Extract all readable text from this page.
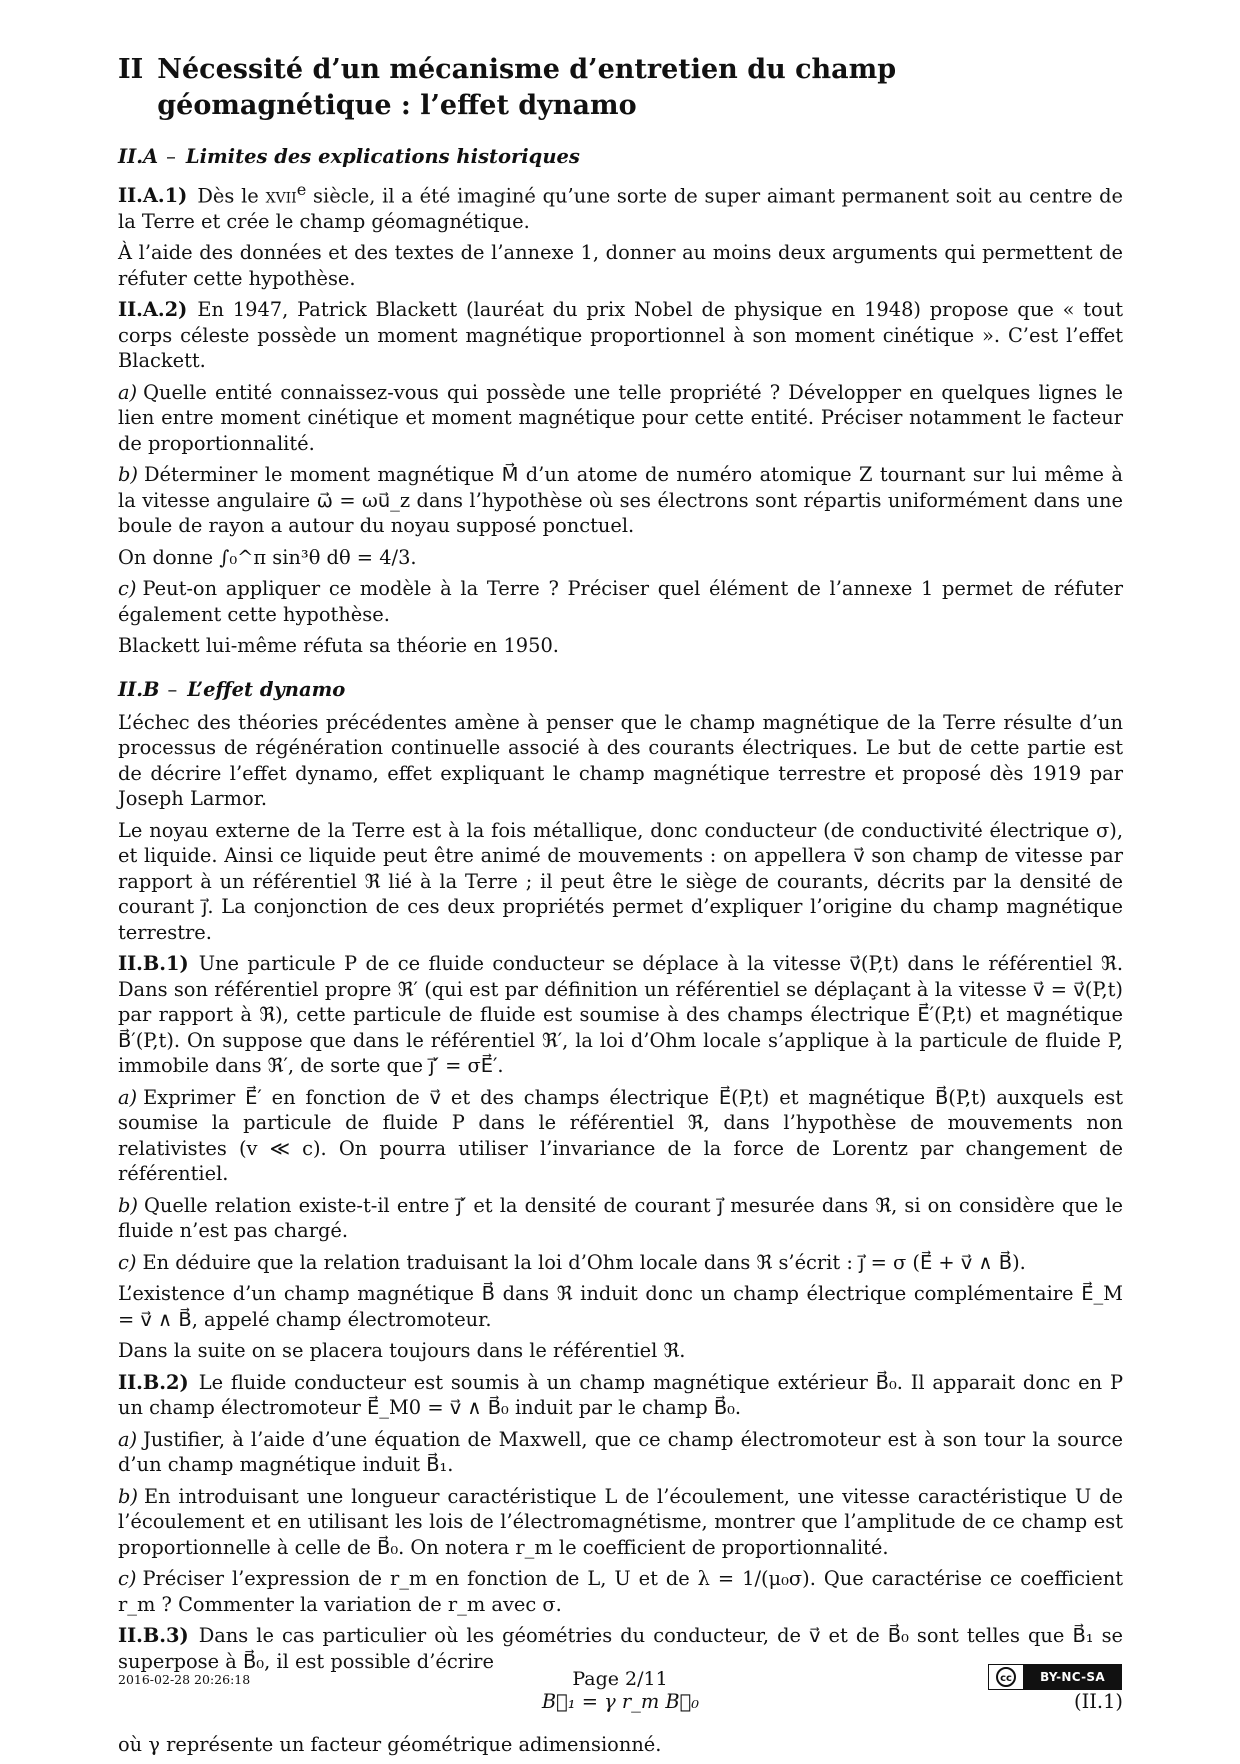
II Nécessité d’un mécanisme d’entretien du champ géomagnétique : l’effet dynamo
II.A – Limites des explications historiques

II.A.1) Dès le xvii$^e$ siècle, il a été imaginé qu’une sorte de super aimant permanent soit au centre de la Terre et crée le champ géomagnétique.

À l’aide des données et des textes de l’annexe 1, donner au moins deux arguments qui permettent de réfuter cette hypothèse.

II.A.2) En 1947, Patrick Blackett (lauréat du prix Nobel de physique en 1948) propose que « tout corps céleste possède un moment magnétique proportionnel à son moment cinétique ». C’est l’effet Blackett.

a) Quelle entité connaissez-vous qui possède une telle propriété ? Développer en quelques lignes le lien entre moment cinétique et moment magnétique pour cette entité. Préciser notamment le facteur de proportionnalité.

b) Déterminer le moment magnétique M⃗ d’un atome de numéro atomique Z tournant sur lui même à la vitesse angulaire ω⃗ = ωu⃗_z dans l’hypothèse où ses électrons sont répartis uniformément dans une boule de rayon a autour du noyau supposé ponctuel.

On donne ∫₀^π sin³θ dθ = 4/3.

c) Peut-on appliquer ce modèle à la Terre ? Préciser quel élément de l’annexe 1 permet de réfuter également cette hypothèse.

Blackett lui-même réfuta sa théorie en 1950.

II.B – L’effet dynamo

L’échec des théories précédentes amène à penser que le champ magnétique de la Terre résulte d’un processus de régénération continuelle associé à des courants électriques. Le but de cette partie est de décrire l’effet dynamo, effet expliquant le champ magnétique terrestre et proposé dès 1919 par Joseph Larmor.

Le noyau externe de la Terre est à la fois métallique, donc conducteur (de conductivité électrique σ), et liquide. Ainsi ce liquide peut être animé de mouvements : on appellera v⃗ son champ de vitesse par rapport à un référentiel ℜ lié à la Terre ; il peut être le siège de courants, décrits par la densité de courant j⃗. La conjonction de ces deux propriétés permet d’expliquer l’origine du champ magnétique terrestre.

II.B.1) Une particule P de ce fluide conducteur se déplace à la vitesse v⃗(P,t) dans le référentiel ℜ. Dans son référentiel propre ℜ′ (qui est par définition un référentiel se déplaçant à la vitesse v⃗ = v⃗(P,t) par rapport à ℜ), cette particule de fluide est soumise à des champs électrique E⃗′(P,t) et magnétique B⃗′(P,t). On suppose que dans le référentiel ℜ′, la loi d’Ohm locale s’applique à la particule de fluide P, immobile dans ℜ′, de sorte que j⃗′ = σE⃗′.

a) Exprimer E⃗′ en fonction de v⃗ et des champs électrique E⃗(P,t) et magnétique B⃗(P,t) auxquels est soumise la particule de fluide P dans le référentiel ℜ, dans l’hypothèse de mouvements non relativistes (v ≪ c). On pourra utiliser l’invariance de la force de Lorentz par changement de référentiel.

b) Quelle relation existe-t-il entre j⃗′ et la densité de courant j⃗ mesurée dans ℜ, si on considère que le fluide n’est pas chargé.

c) En déduire que la relation traduisant la loi d’Ohm locale dans ℜ s’écrit : j⃗ = σ (E⃗ + v⃗ ∧ B⃗).

L’existence d’un champ magnétique B⃗ dans ℜ induit donc un champ électrique complémentaire E⃗_M = v⃗ ∧ B⃗, appelé champ électromoteur.

Dans la suite on se placera toujours dans le référentiel ℜ.

II.B.2) Le fluide conducteur est soumis à un champ magnétique extérieur B⃗₀. Il apparait donc en P un champ électromoteur E⃗_M0 = v⃗ ∧ B⃗₀ induit par le champ B⃗₀.

a) Justifier, à l’aide d’une équation de Maxwell, que ce champ électromoteur est à son tour la source d’un champ magnétique induit B⃗₁.

b) En introduisant une longueur caractéristique L de l’écoulement, une vitesse caractéristique U de l’écoulement et en utilisant les lois de l’électromagnétisme, montrer que l’amplitude de ce champ est proportionnelle à celle de B⃗₀. On notera r_m le coefficient de proportionnalité.

c) Préciser l’expression de r_m en fonction de L, U et de λ = 1/(μ₀σ). Que caractérise ce coefficient r_m ? Commenter la variation de r_m avec σ.

II.B.3) Dans le cas particulier où les géométries du conducteur, de v⃗ et de B⃗₀ sont telles que B⃗₁ se superpose à B⃗₀, il est possible d’écrire

B⃗₁ = γ r_m B⃗₀	(II.1)

où γ représente un facteur géométrique adimensionné.

2016-02-28 20:26:18	Page 2/11	cc	BY-NC-SA
